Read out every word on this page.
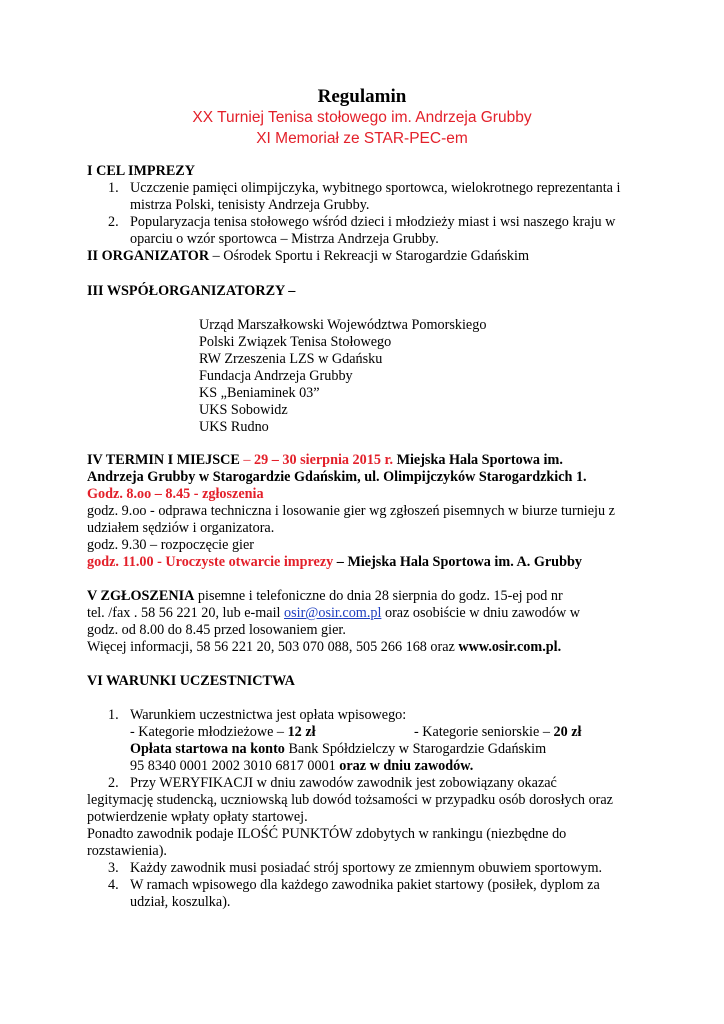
Regulamin
XX Turniej Tenisa stołowego im. Andrzeja Grubby
XI Memoriał ze STAR-PEC-em
I CEL IMPREZY
1. Uczczenie pamięci olimpijczyka, wybitnego sportowca, wielokrotnego reprezentanta i
mistrza Polski, tenisisty Andrzeja Grubby.
2. Popularyzacja tenisa stołowego wśród dzieci i młodzieży miast i wsi naszego kraju w
oparciu o wzór sportowca – Mistrza Andrzeja Grubby.
II ORGANIZATOR – Ośrodek Sportu i Rekreacji w Starogardzie Gdańskim
III WSPÓŁORGANIZATORZY –
Urząd Marszałkowski Województwa Pomorskiego
Polski Związek Tenisa Stołowego
RW Zrzeszenia LZS w Gdańsku
Fundacja Andrzeja Grubby
KS „Beniaminek 03”
UKS Sobowidz
UKS Rudno
IV TERMIN I MIEJSCE – 29 – 30 sierpnia 2015 r. Miejska Hala Sportowa im.
Andrzeja Grubby w Starogardzie Gdańskim, ul. Olimpijczyków Starogardzkich 1.
Godz. 8.oo – 8.45 - zgłoszenia
godz. 9.oo - odprawa techniczna i losowanie gier wg zgłoszeń pisemnych w biurze turnieju z
udziałem sędziów i organizatora.
godz. 9.30 – rozpoczęcie gier
godz. 11.00 - Uroczyste otwarcie imprezy – Miejska Hala Sportowa im. A. Grubby
V ZGŁOSZENIA pisemne i telefoniczne do dnia 28 sierpnia do godz. 15-ej pod nr
tel. /fax . 58 56 221 20, lub e-mail osir@osir.com.pl oraz osobiście w dniu zawodów w
godz. od 8.00 do 8.45 przed losowaniem gier.
Więcej informacji, 58 56 221 20, 503 070 088, 505 266 168 oraz www.osir.com.pl.
VI WARUNKI UCZESTNICTWA
1. Warunkiem uczestnictwa jest opłata wpisowego:
- Kategorie młodzieżowe – 12 zł	- Kategorie seniorskie – 20 zł
Opłata startowa na konto Bank Spółdzielczy w Starogardzie Gdańskim
95 8340 0001 2002 3010 6817 0001 oraz w dniu zawodów.
2. Przy WERYFIKACJI w dniu zawodów zawodnik jest zobowiązany okazać
legitymację studencką, uczniowską lub dowód tożsamości w przypadku osób dorosłych oraz
potwierdzenie wpłaty opłaty startowej.
Ponadto zawodnik podaje ILOŚĆ PUNKTÓW zdobytych w rankingu (niezbędne do
rozstawienia).
3. Każdy zawodnik musi posiadać strój sportowy ze zmiennym obuwiem sportowym.
4. W ramach wpisowego dla każdego zawodnika pakiet startowy (posiłek, dyplom za
udział, koszulka).
